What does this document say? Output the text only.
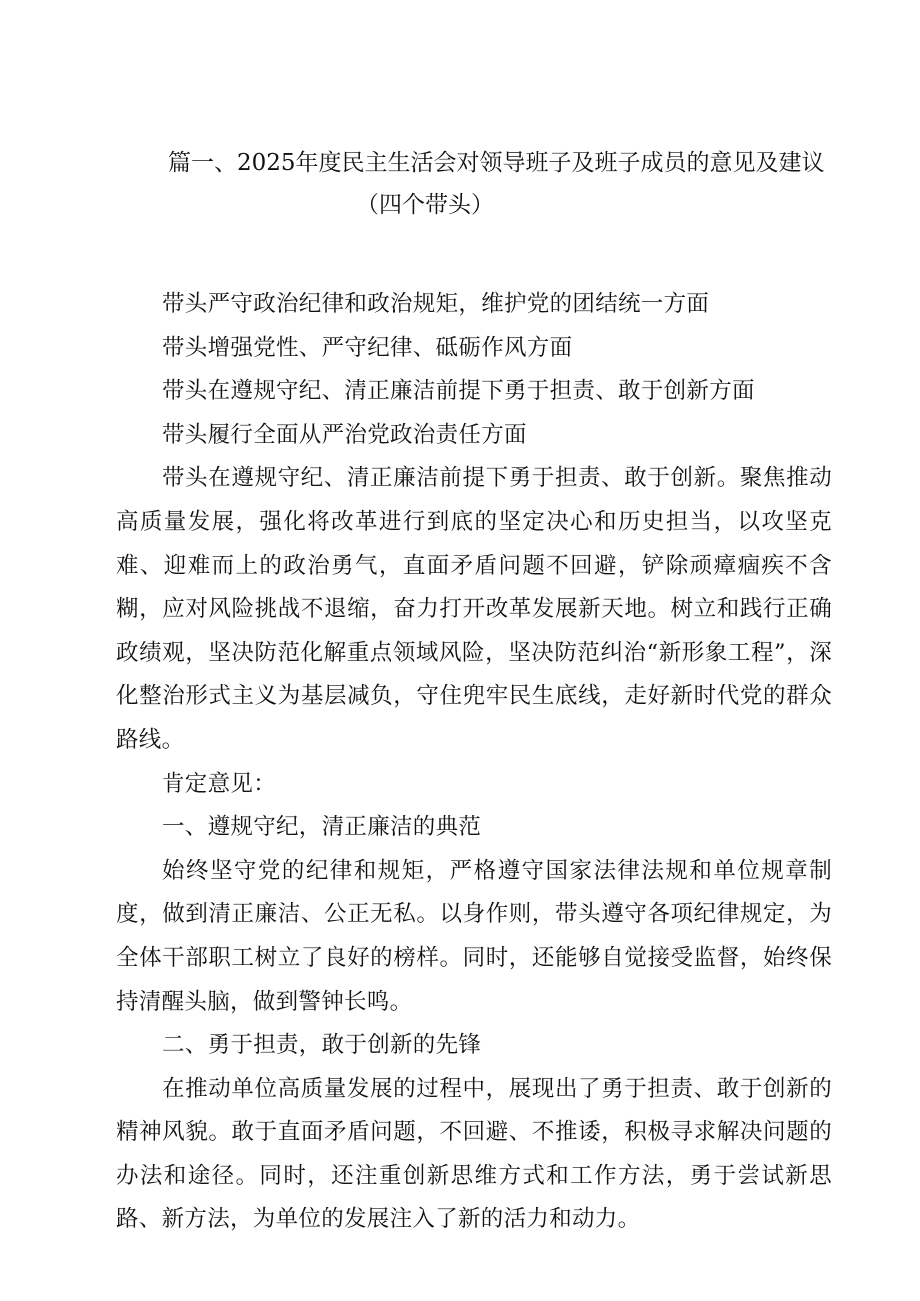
篇一、2025年度民主生活会对领导班子及班子成员的意见及建议
（四个带头）

带头严守政治纪律和政治规矩，维护党的团结统一方面

带头增强党性、严守纪律、砥砺作风方面

带头在遵规守纪、清正廉洁前提下勇于担责、敢于创新方面

带头履行全面从严治党政治责任方面

带头在遵规守纪、清正廉洁前提下勇于担责、敢于创新。聚焦推动高质量发展，强化将改革进行到底的坚定决心和历史担当，以攻坚克难、迎难而上的政治勇气，直面矛盾问题不回避，铲除顽瘴痼疾不含糊，应对风险挑战不退缩，奋力打开改革发展新天地。树立和践行正确政绩观，坚决防范化解重点领域风险，坚决防范纠治“新形象工程”，深化整治形式主义为基层减负，守住兜牢民生底线，走好新时代党的群众路线。

肯定意见：

一、遵规守纪，清正廉洁的典范

始终坚守党的纪律和规矩，严格遵守国家法律法规和单位规章制度，做到清正廉洁、公正无私。以身作则，带头遵守各项纪律规定，为全体干部职工树立了良好的榜样。同时，还能够自觉接受监督，始终保持清醒头脑，做到警钟长鸣。

二、勇于担责，敢于创新的先锋

在推动单位高质量发展的过程中，展现出了勇于担责、敢于创新的精神风貌。敢于直面矛盾问题，不回避、不推诿，积极寻求解决问题的办法和途径。同时，还注重创新思维方式和工作方法，勇于尝试新思路、新方法，为单位的发展注入了新的活力和动力。
